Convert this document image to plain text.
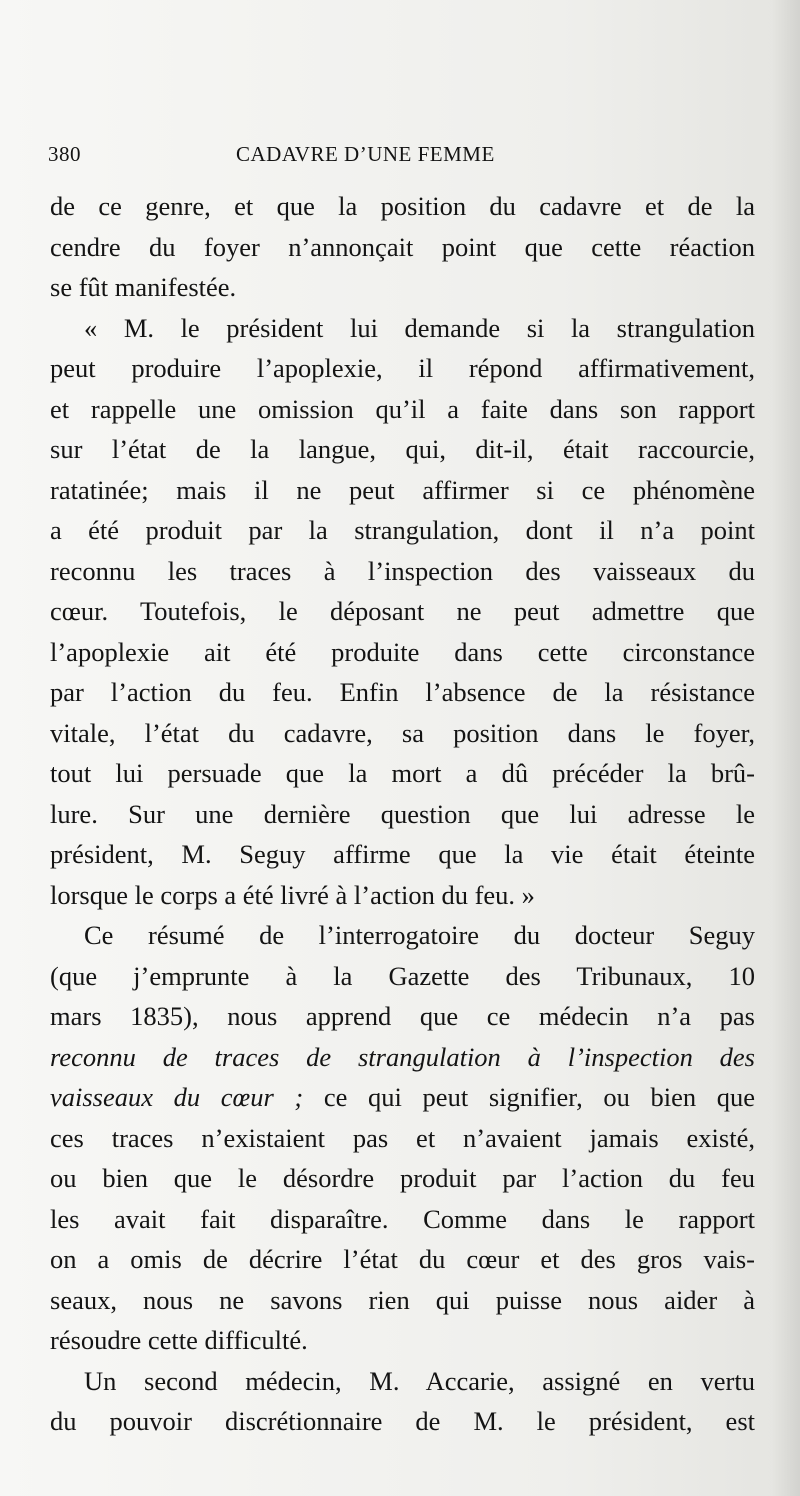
380	CADAVRE D’UNE FEMME
de ce genre, et que la position du cadavre et de la
cendre du foyer n’annonçait point que cette réaction
se fût manifestée.
« M. le président lui demande si la strangulation
peut produire l’apoplexie, il répond affirmativement,
et rappelle une omission qu’il a faite dans son rapport
sur l’état de la langue, qui, dit-il, était raccourcie,
ratatinée; mais il ne peut affirmer si ce phénomène
a été produit par la strangulation, dont il n’a point
reconnu les traces à l’inspection des vaisseaux du
cœur. Toutefois, le déposant ne peut admettre que
l’apoplexie ait été produite dans cette circonstance
par l’action du feu. Enfin l’absence de la résistance
vitale, l’état du cadavre, sa position dans le foyer,
tout lui persuade que la mort a dû précéder la brû-
lure. Sur une dernière question que lui adresse le
président, M. Seguy affirme que la vie était éteinte
lorsque le corps a été livré à l’action du feu. »
Ce résumé de l’interrogatoire du docteur Seguy
(que j’emprunte à la Gazette des Tribunaux, 10
mars 1835), nous apprend que ce médecin n’a pas
reconnu de traces de strangulation à l’inspection des
vaisseaux du cœur ; ce qui peut signifier, ou bien que
ces traces n’existaient pas et n’avaient jamais existé,
ou bien que le désordre produit par l’action du feu
les avait fait disparaître. Comme dans le rapport
on a omis de décrire l’état du cœur et des gros vais-
seaux, nous ne savons rien qui puisse nous aider à
résoudre cette difficulté.
Un second médecin, M. Accarie, assigné en vertu
du pouvoir discrétionnaire de M. le président, est
